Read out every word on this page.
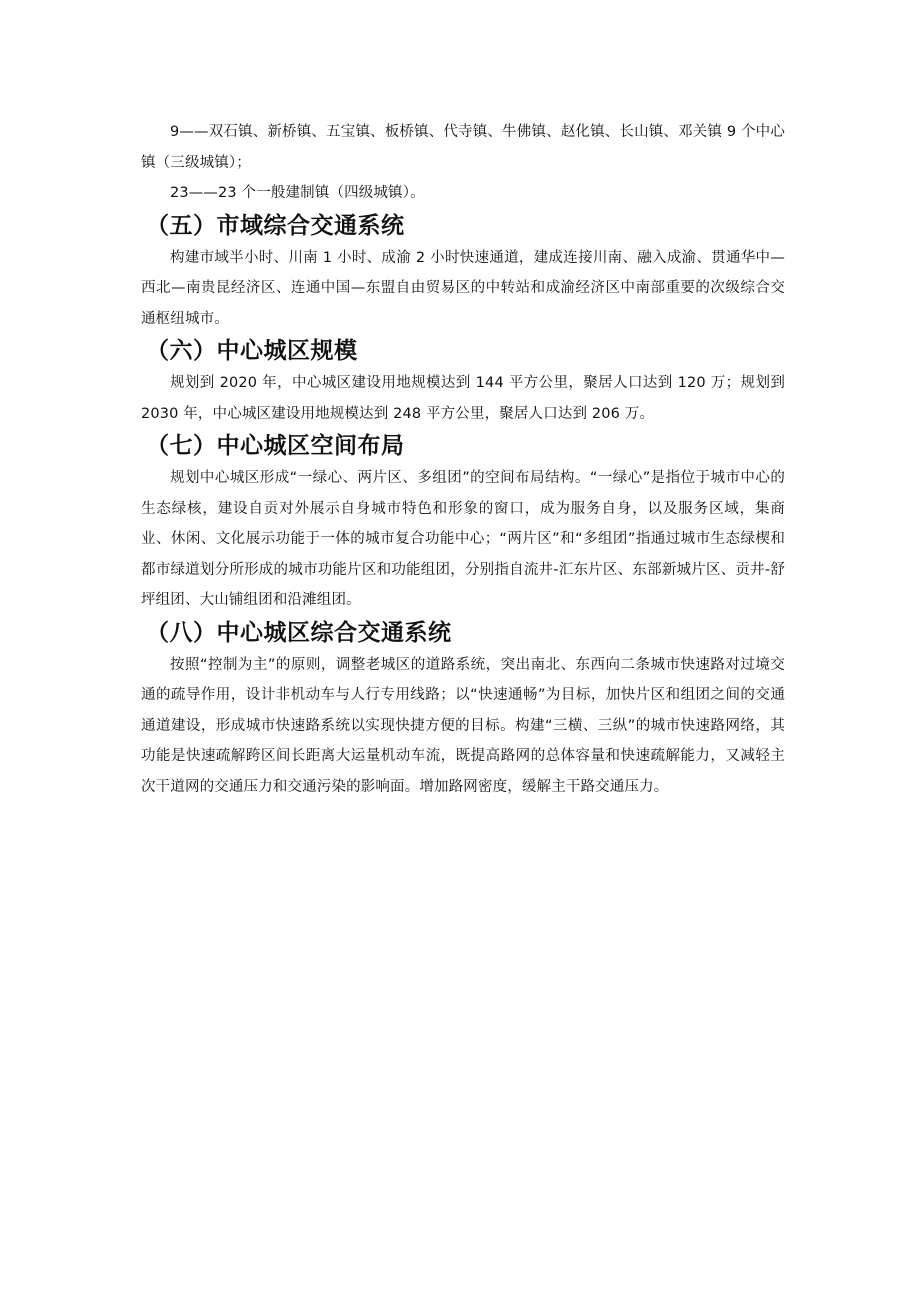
9——双石镇、新桥镇、五宝镇、板桥镇、代寺镇、牛佛镇、赵化镇、长山镇、邓关镇 9 个中心镇（三级城镇）；

23——23 个一般建制镇（四级城镇）。

（五）市域综合交通系统

构建市域半小时、川南 1 小时、成渝 2 小时快速通道，建成连接川南、融入成渝、贯通华中—西北—南贵昆经济区、连通中国—东盟自由贸易区的中转站和成渝经济区中南部重要的次级综合交通枢纽城市。

（六）中心城区规模

规划到 2020 年，中心城区建设用地规模达到 144 平方公里，聚居人口达到 120 万；规划到 2030 年，中心城区建设用地规模达到 248 平方公里，聚居人口达到 206 万。

（七）中心城区空间布局

规划中心城区形成“一绿心、两片区、多组团”的空间布局结构。“一绿心”是指位于城市中心的生态绿核，建设自贡对外展示自身城市特色和形象的窗口，成为服务自身，以及服务区域，集商业、休闲、文化展示功能于一体的城市复合功能中心；“两片区”和“多组团”指通过城市生态绿楔和都市绿道划分所形成的城市功能片区和功能组团，分别指自流井-汇东片区、东部新城片区、贡井-舒坪组团、大山铺组团和沿滩组团。

（八）中心城区综合交通系统

按照“控制为主”的原则，调整老城区的道路系统，突出南北、东西向二条城市快速路对过境交通的疏导作用，设计非机动车与人行专用线路；以“快速通畅”为目标，加快片区和组团之间的交通通道建设，形成城市快速路系统以实现快捷方便的目标。构建“三横、三纵”的城市快速路网络，其功能是快速疏解跨区间长距离大运量机动车流，既提高路网的总体容量和快速疏解能力，又减轻主次干道网的交通压力和交通污染的影响面。增加路网密度，缓解主干路交通压力。
